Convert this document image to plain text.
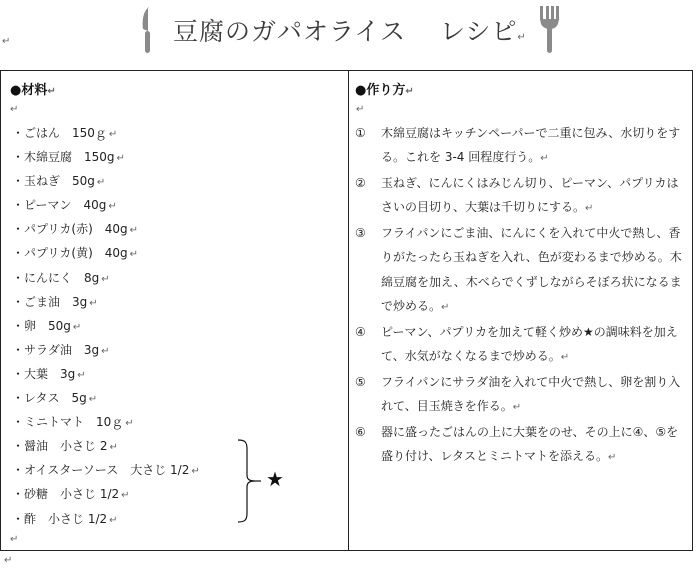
豆腐のガパオライス レシピ↵
↵
●材料↵
↵
・ごはん　150ｇ ↵
・木綿豆腐　150g ↵
・玉ねぎ　50g ↵
・ピーマン　40g ↵
・パプリカ(赤)　40g ↵
・パプリカ(黄)　40g ↵
・にんにく　8g ↵
・ごま油　3g ↵
・卵　50g ↵
・サラダ油　3g ↵
・大葉　3g ↵
・レタス　5g ↵
・ミニトマト　10ｇ ↵
・醤油　小さじ 2 ↵
・オイスターソース　大さじ 1/2 ↵
・砂糖　小さじ 1/2 ↵
・酢　小さじ 1/2 ↵
↵
★
●作り方↵
↵
①	木綿豆腐はキッチンペーパーで二重に包み、水切りをする。これを 3-4 回程度行う。↵
②	玉ねぎ、にんにくはみじん切り、ピーマン、パプリカはさいの目切り、大葉は千切りにする。↵
③	フライパンにごま油、にんにくを入れて中火で熱し、香りがたったら玉ねぎを入れ、色が変わるまで炒める。木綿豆腐を加え、木べらでくずしながらそぼろ状になるまで炒める。↵
④	ピーマン、パプリカを加えて軽く炒め★の調味料を加えて、水気がなくなるまで炒める。↵
⑤	フライパンにサラダ油を入れて中火で熱し、卵を割り入れて、目玉焼きを作る。↵
⑥	器に盛ったごはんの上に大葉をのせ、その上に④、⑤を盛り付け、レタスとミニトマトを添える。↵
↵
